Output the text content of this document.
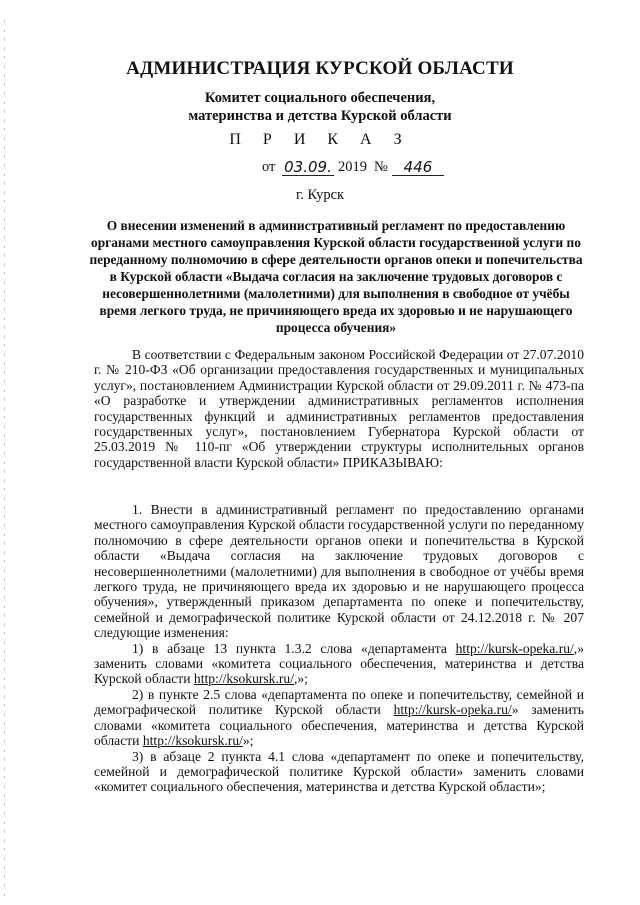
АДМИНИСТРАЦИЯ КУРСКОЙ ОБЛАСТИ
Комитет социального обеспечения,
материнства и детства Курской области
П Р И К А З
от 03.09. 2019 №	446
г. Курск
О внесении изменений в административный регламент по предоставлению органами местного самоуправления Курской области государственной услуги по переданному полномочию в сфере деятельности органов опеки и попечительства в Курской области «Выдача согласия на заключение трудовых договоров с несовершеннолетними (малолетними) для выполнения в свободное от учёбы время легкого труда, не причиняющего вреда их здоровью и не нарушающего процесса обучения»

В соответствии с Федеральным законом Российской Федерации от 27.07.2010 г. № 210-ФЗ «Об организации предоставления государственных и муниципальных услуг», постановлением Администрации Курской области от 29.09.2011 г. № 473-па «О разработке и утверждении административных регламентов исполнения государственных функций и административных регламентов предоставления государственных услуг», постановлением Губернатора Курской области от 25.03.2019 № 110-пг «Об утверждении структуры исполнительных органов государственной власти Курской области» ПРИКАЗЫВАЮ:

1. Внести в административный регламент по предоставлению органами местного самоуправления Курской области государственной услуги по переданному полномочию в сфере деятельности органов опеки и попечительства в Курской области «Выдача согласия на заключение трудовых договоров с несовершеннолетними (малолетними) для выполнения в свободное от учёбы время легкого труда, не причиняющего вреда их здоровью и не нарушающего процесса обучения», утвержденный приказом департамента по опеке и попечительству, семейной и демографической политике Курской области от 24.12.2018 г. № 207 следующие изменения:

1) в абзаце 13 пункта 1.3.2 слова «департамента http://kursk-opeka.ru/,» заменить словами «комитета социального обеспечения, материнства и детства Курской области http://ksokursk.ru/,»;

2) в пункте 2.5 слова «департамента по опеке и попечительству, семейной и демографической политике Курской области http://kursk-opeka.ru/» заменить словами «комитета социального обеспечения, материнства и детства Курской области http://ksokursk.ru/»;

3) в абзаце 2 пункта 4.1 слова «департамент по опеке и попечительству, семейной и демографической политике Курской области» заменить словами «комитет социального обеспечения, материнства и детства Курской области»;
